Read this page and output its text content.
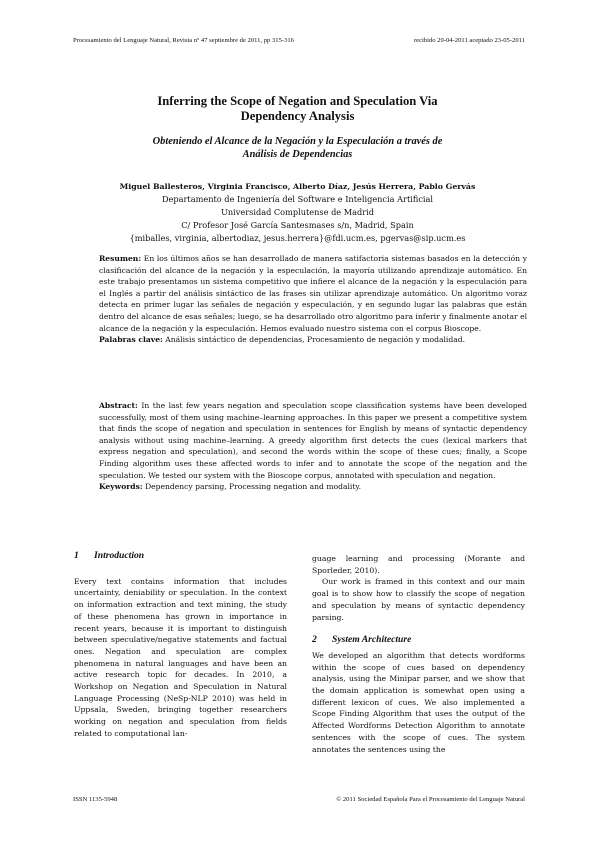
Procesamiento del Lenguaje Natural, Revista nº 47 septiembre de 2011, pp 315-316	recibido 29-04-2011 aceptado 23-05-2011
Inferring the Scope of Negation and Speculation Via
Dependency Analysis
Obteniendo el Alcance de la Negación y la Especulación a través de
Análisis de Dependencias
Miguel Ballesteros, Virginia Francisco, Alberto Díaz, Jesús Herrera, Pablo Gervás
Departamento de Ingeniería del Software e Inteligencia Artificial
Universidad Complutense de Madrid
C/ Profesor José García Santesmases s/n, Madrid, Spain
{miballes, virginia, albertodiaz, jesus.herrera}@fdi.ucm.es, pgervas@sip.ucm.es
Resumen: En los últimos años se han desarrollado de manera satifactoria sistemas basados en la detección y clasificación del alcance de la negación y la especulación, la mayoría utilizando aprendizaje automático. En este trabajo presentamos un sistema competitivo que infiere el alcance de la negación y la especulación para el Inglés a partir del análisis sintáctico de las frases sin utilizar aprendizaje automático. Un algoritmo voraz detecta en primer lugar las señales de negación y especulación, y en segundo lugar las palabras que están dentro del alcance de esas señales; luego, se ha desarrollado otro algoritmo para inferir y finalmente anotar el alcance de la negación y la especulación. Hemos evaluado nuestro sistema con el corpus Bioscope.
Palabras clave: Análisis sintáctico de dependencias, Procesamiento de negación y modalidad.
Abstract: In the last few years negation and speculation scope classification systems have been developed successfully, most of them using machine–learning approaches. In this paper we present a competitive system that finds the scope of negation and speculation in sentences for English by means of syntactic dependency analysis without using machine–learning. A greedy algorithm first detects the cues (lexical markers that express negation and speculation), and second the words within the scope of these cues; finally, a Scope Finding algorithm uses these affected words to infer and to annotate the scope of the negation and the speculation. We tested our system with the Bioscope corpus, annotated with speculation and negation.
Keywords: Dependency parsing, Processing negation and modality.
1 Introduction

Every text contains information that includes uncertainty, deniability or speculation. In the context on information extraction and text mining, the study of these phenomena has grown in importance in recent years, because it is important to distinguish between speculative/negative statements and factual ones. Negation and speculation are complex phenomena in natural languages and have been an active research topic for decades. In 2010, a Workshop on Negation and Speculation in Natural Language Processing (NeSp-NLP 2010) was held in Uppsala, Sweden, bringing together researchers working on negation and speculation from fields related to computational lan-

guage learning and processing (Morante and Sporleder, 2010).

Our work is framed in this context and our main goal is to show how to classify the scope of negation and speculation by means of syntactic dependency parsing.

2 System Architecture

We developed an algorithm that detects wordforms within the scope of cues based on dependency analysis, using the Minipar parser, and we show that the domain application is somewhat open using a different lexicon of cues. We also implemented a Scope Finding Algorithm that uses the output of the Affected Wordforms Detection Algorithm to annotate sentences with the scope of cues. The system annotates the sentences using the

ISSN 1135-5948	© 2011 Sociedad Española Para el Procesamiento del Lenguaje Natural
